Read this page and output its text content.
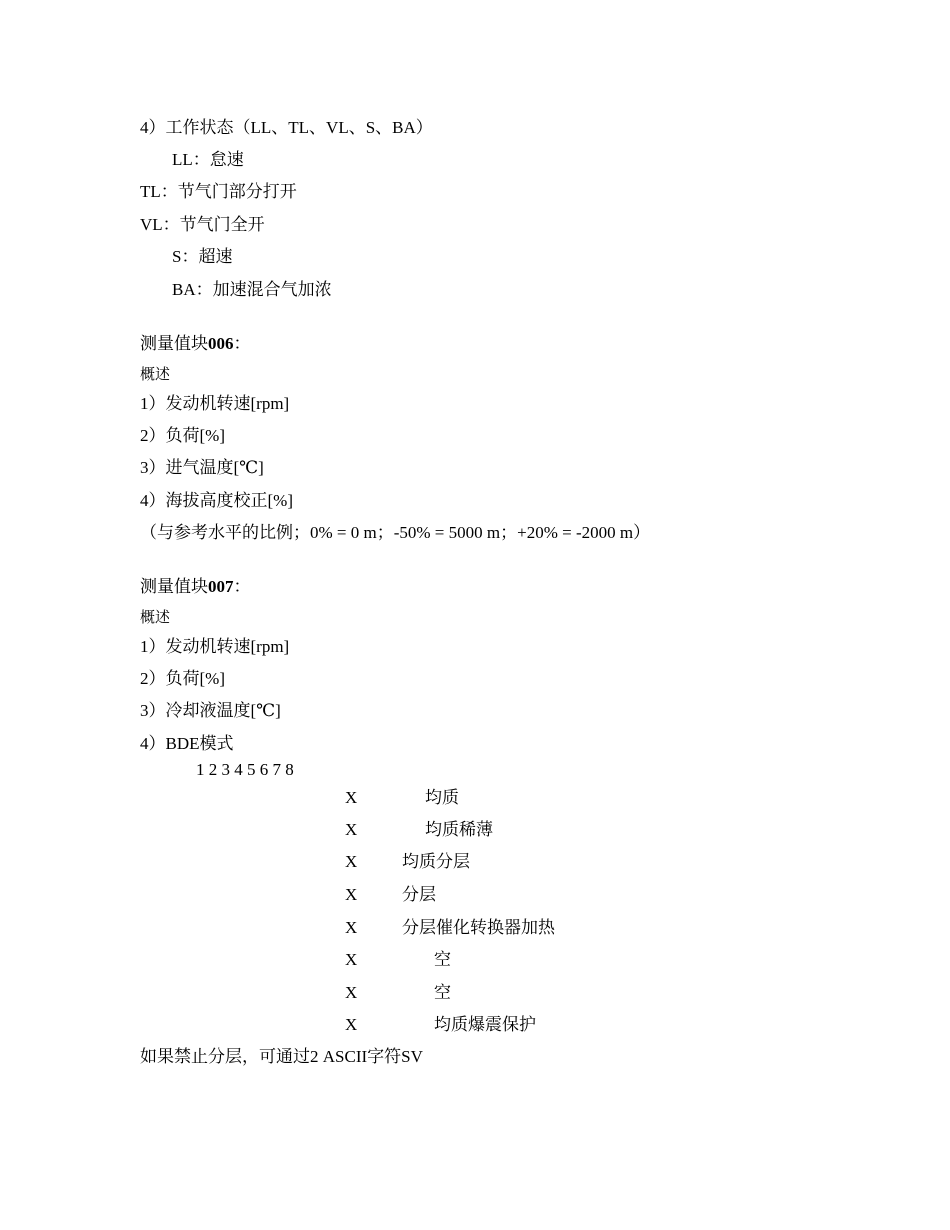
4）工作状态（LL、TL、VL、S、BA）
LL：怠速
TL：节气门部分打开
VL：节气门全开
S：超速
BA：加速混合气加浓
测量值块006：
概述
1）发动机转速[rpm]
2）负荷[%]
3）进气温度[℃]
4）海拔高度校正[%]
（与参考水平的比例；0% = 0 m；-50% = 5000 m；+20% = -2000 m）
测量值块007：
概述
1）发动机转速[rpm]
2）负荷[%]
3）冷却液温度[℃]
4）BDE模式
1 2 3 4 5 6 7 8
X	均质
X	均质稀薄
X	均质分层
X	分层
X	分层催化转换器加热
X	空
X	空
X	均质爆震保护
如果禁止分层，可通过2 ASCII字符SV
